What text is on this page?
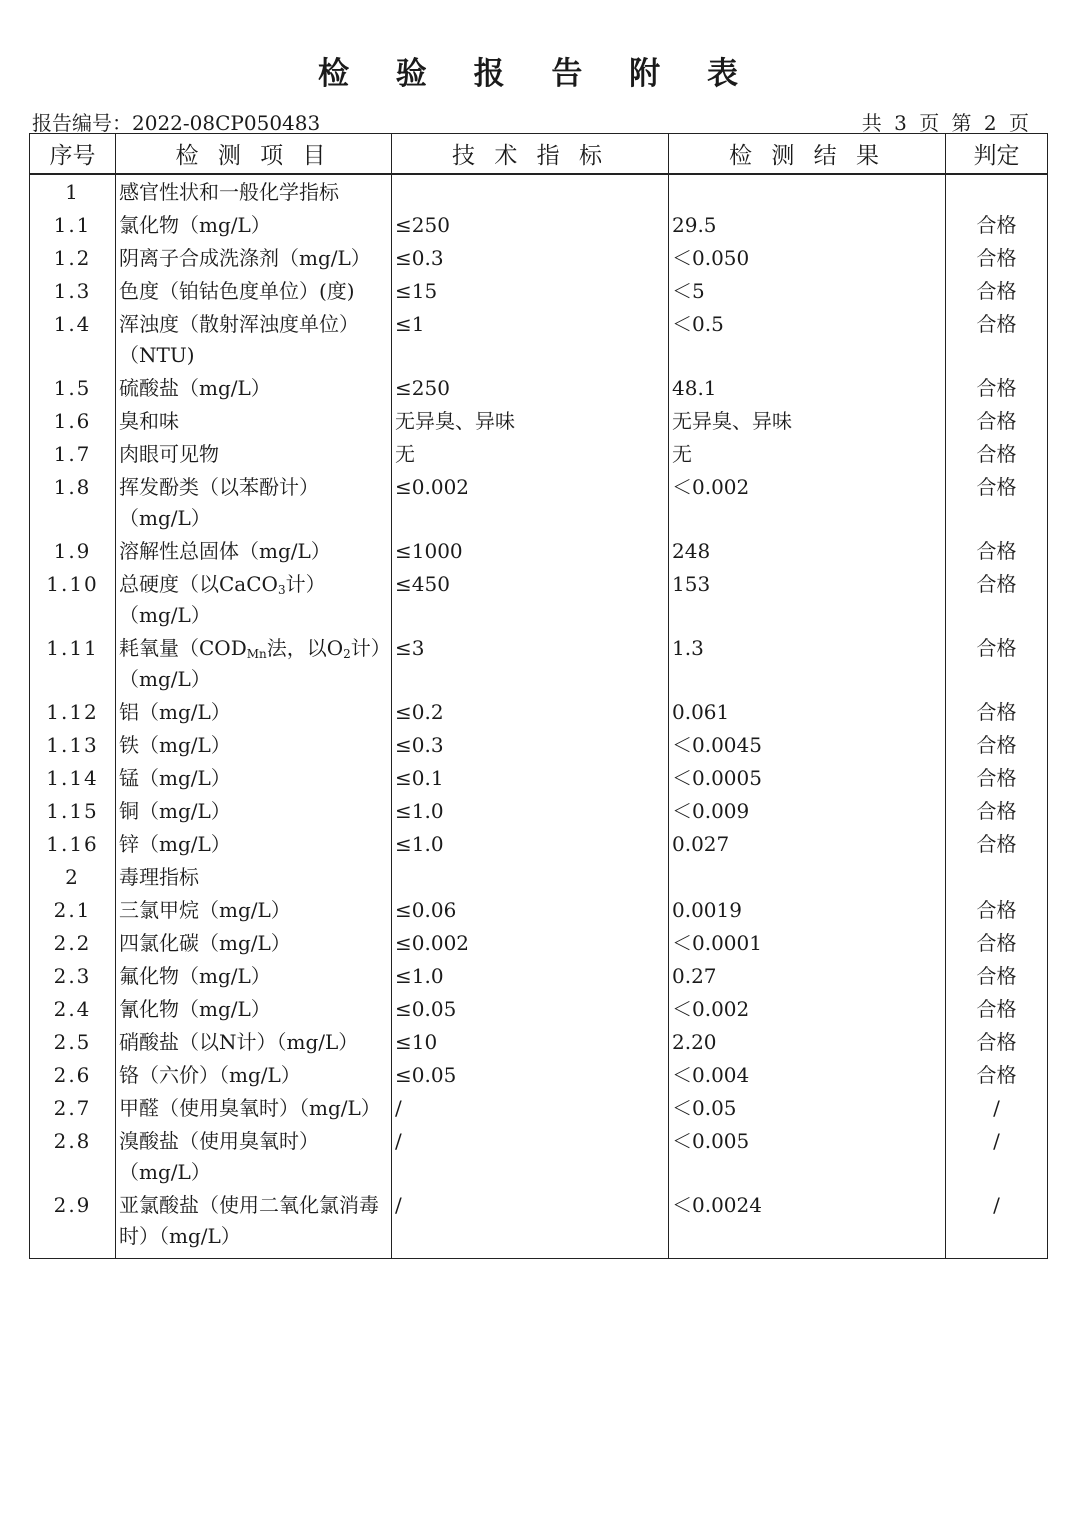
检 验 报 告 附 表
报告编号：2022-08CP050483	共 3 页 第 2 页
序号	检 测 项 目	技 术 指 标	检 测 结 果	判定
1	感官性状和一般化学指标			
1.1	氯化物（mg/L）	≤250	29.5	合格
1.2	阴离子合成洗涤剂（mg/L）	≤0.3	＜0.050	合格
1.3	色度（铂钴色度单位）(度)	≤15	＜5	合格
1.4	浑浊度（散射浑浊度单位）（NTU)	≤1	＜0.5	合格
1.5	硫酸盐（mg/L）	≤250	48.1	合格
1.6	臭和味	无异臭、异味	无异臭、异味	合格
1.7	肉眼可见物	无	无	合格
1.8	挥发酚类（以苯酚计）（mg/L）	≤0.002	＜0.002	合格
1.9	溶解性总固体（mg/L）	≤1000	248	合格
1.10	总硬度（以CaCO$_3$计）（mg/L）	≤450	153	合格
1.11	耗氧量（$COD_{Mn}$法，以$O_2$计）（mg/L）	≤3	1.3	合格
1.12	铝（mg/L）	≤0.2	0.061	合格
1.13	铁（mg/L）	≤0.3	＜0.0045	合格
1.14	锰（mg/L）	≤0.1	＜0.0005	合格
1.15	铜（mg/L）	≤1.0	＜0.009	合格
1.16	锌（mg/L）	≤1.0	0.027	合格
2	毒理指标			
2.1	三氯甲烷（mg/L）	≤0.06	0.0019	合格
2.2	四氯化碳（mg/L）	≤0.002	＜0.0001	合格
2.3	氟化物（mg/L）	≤1.0	0.27	合格
2.4	氰化物（mg/L）	≤0.05	＜0.002	合格
2.5	硝酸盐（以N计）（mg/L）	≤10	2.20	合格
2.6	铬（六价）（mg/L）	≤0.05	＜0.004	合格
2.7	甲醛（使用臭氧时）（mg/L）	/	＜0.05	/
2.8	溴酸盐（使用臭氧时）（mg/L）	/	＜0.005	/
2.9	亚氯酸盐（使用二氧化氯消毒时）（mg/L）	/	＜0.0024	/
